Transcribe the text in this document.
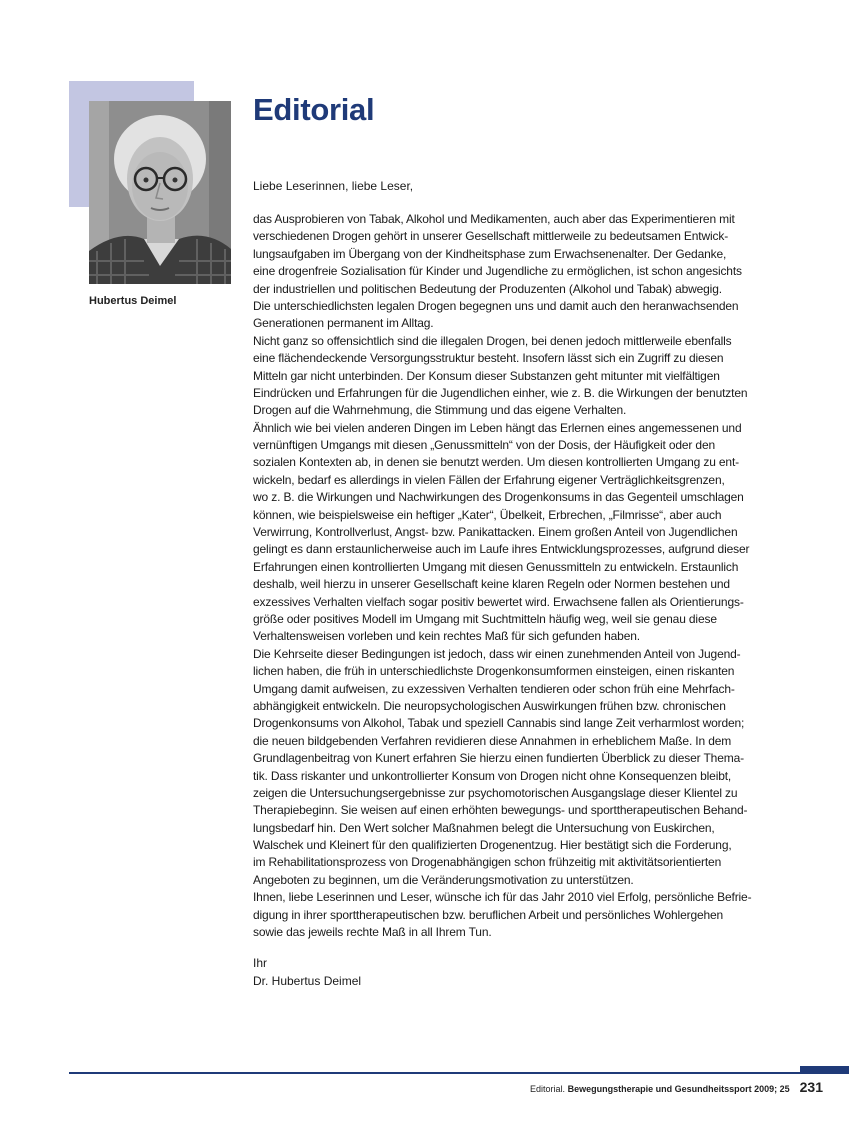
Hubertus Deimel
Editorial
Liebe Leserinnen, liebe Leser,
das Ausprobieren von Tabak, Alkohol und Medikamenten, auch aber das Experimentieren mit
verschiedenen Drogen gehört in unserer Gesellschaft mittlerweile zu bedeutsamen Entwick-
lungsaufgaben im Übergang von der Kindheitsphase zum Erwachsenenalter. Der Gedanke,
eine drogenfreie Sozialisation für Kinder und Jugendliche zu ermöglichen, ist schon angesichts
der industriellen und politischen Bedeutung der Produzenten (Alkohol und Tabak) abwegig.
Die unterschiedlichsten legalen Drogen begegnen uns und damit auch den heranwachsenden
Generationen permanent im Alltag.
Nicht ganz so offensichtlich sind die illegalen Drogen, bei denen jedoch mittlerweile ebenfalls
eine flächendeckende Versorgungsstruktur besteht. Insofern lässt sich ein Zugriff zu diesen
Mitteln gar nicht unterbinden. Der Konsum dieser Substanzen geht mitunter mit vielfältigen
Eindrücken und Erfahrungen für die Jugendlichen einher, wie z. B. die Wirkungen der benutzten
Drogen auf die Wahrnehmung, die Stimmung und das eigene Verhalten.
Ähnlich wie bei vielen anderen Dingen im Leben hängt das Erlernen eines angemessenen und
vernünftigen Umgangs mit diesen „Genussmitteln“ von der Dosis, der Häufigkeit oder den
sozialen Kontexten ab, in denen sie benutzt werden. Um diesen kontrollierten Umgang zu ent-
wickeln, bedarf es allerdings in vielen Fällen der Erfahrung eigener Verträglichkeitsgrenzen,
wo z. B. die Wirkungen und Nachwirkungen des Drogenkonsums in das Gegenteil umschlagen
können, wie beispielsweise ein heftiger „Kater“, Übelkeit, Erbrechen, „Filmrisse“, aber auch
Verwirrung, Kontrollverlust, Angst- bzw. Panikattacken. Einem großen Anteil von Jugendlichen
gelingt es dann erstaunlicherweise auch im Laufe ihres Entwicklungsprozesses, aufgrund dieser
Erfahrungen einen kontrollierten Umgang mit diesen Genussmitteln zu entwickeln. Erstaunlich
deshalb, weil hierzu in unserer Gesellschaft keine klaren Regeln oder Normen bestehen und
exzessives Verhalten vielfach sogar positiv bewertet wird. Erwachsene fallen als Orientierungs-
größe oder positives Modell im Umgang mit Suchtmitteln häufig weg, weil sie genau diese
Verhaltensweisen vorleben und kein rechtes Maß für sich gefunden haben.
Die Kehrseite dieser Bedingungen ist jedoch, dass wir einen zunehmenden Anteil von Jugend-
lichen haben, die früh in unterschiedlichste Drogenkonsumformen einsteigen, einen riskanten
Umgang damit aufweisen, zu exzessiven Verhalten tendieren oder schon früh eine Mehrfach-
abhängigkeit entwickeln. Die neuropsychologischen Auswirkungen frühen bzw. chronischen
Drogenkonsums von Alkohol, Tabak und speziell Cannabis sind lange Zeit verharmlost worden;
die neuen bildgebenden Verfahren revidieren diese Annahmen in erheblichem Maße. In dem
Grundlagenbeitrag von Kunert erfahren Sie hierzu einen fundierten Überblick zu dieser Thema-
tik. Dass riskanter und unkontrollierter Konsum von Drogen nicht ohne Konsequenzen bleibt,
zeigen die Untersuchungsergebnisse zur psychomotorischen Ausgangslage dieser Klientel zu
Therapiebeginn. Sie weisen auf einen erhöhten bewegungs- und sporttherapeutischen Behand-
lungsbedarf hin. Den Wert solcher Maßnahmen belegt die Untersuchung von Euskirchen,
Walschek und Kleinert für den qualifizierten Drogenentzug. Hier bestätigt sich die Forderung,
im Rehabilitationsprozess von Drogenabhängigen schon frühzeitig mit aktivitätsorientierten
Angeboten zu beginnen, um die Veränderungsmotivation zu unterstützen.
Ihnen, liebe Leserinnen und Leser, wünsche ich für das Jahr 2010 viel Erfolg, persönliche Befrie-
digung in ihrer sporttherapeutischen bzw. beruflichen Arbeit und persönliches Wohlergehen
sowie das jeweils rechte Maß in all Ihrem Tun.
Ihr
Dr. Hubertus Deimel
Editorial. Bewegungstherapie und Gesundheitssport 2009; 25 231
